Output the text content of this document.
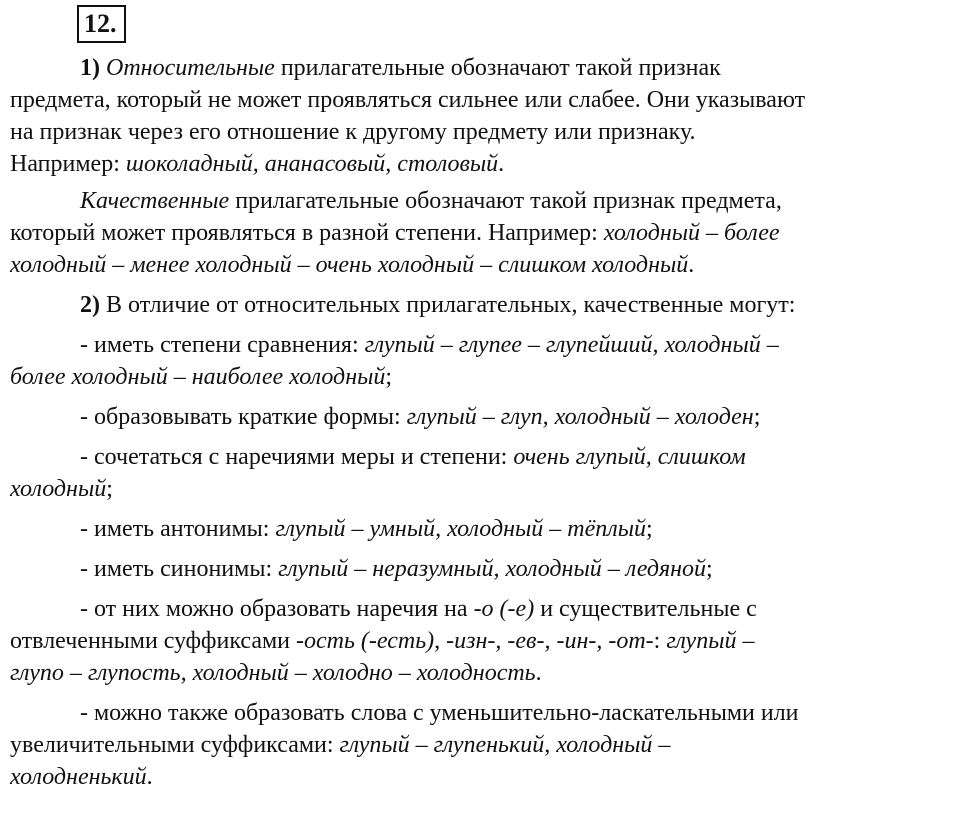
12.

1) Относительные прилагательные обозначают такой признак
предмета, который не может проявляться сильнее или слабее. Они указывают
на признак через его отношение к другому предмету или признаку.
Например: шоколадный, ананасовый, столовый.

Качественные прилагательные обозначают такой признак предмета,
который может проявляться в разной степени. Например: холодный – более
холодный – менее холодный – очень холодный – слишком холодный.

2) В отличие от относительных прилагательных, качественные могут:

- иметь степени сравнения: глупый – глупее – глупейший, холодный –
более холодный – наиболее холодный;

- образовывать краткие формы: глупый – глуп, холодный – холоден;

- сочетаться с наречиями меры и степени: очень глупый, слишком
холодный;

- иметь антонимы: глупый – умный, холодный – тёплый;

- иметь синонимы: глупый – неразумный, холодный – ледяной;

- от них можно образовать наречия на -о (-е) и существительные с
отвлеченными суффиксами -ость (-есть), -изн-, -ев-, -ин-, -от-: глупый –
глупо – глупость, холодный – холодно – холодность.

- можно также образовать слова с уменьшительно-ласкательными или
увеличительными суффиксами: глупый – глупенький, холодный –
холодненький.
